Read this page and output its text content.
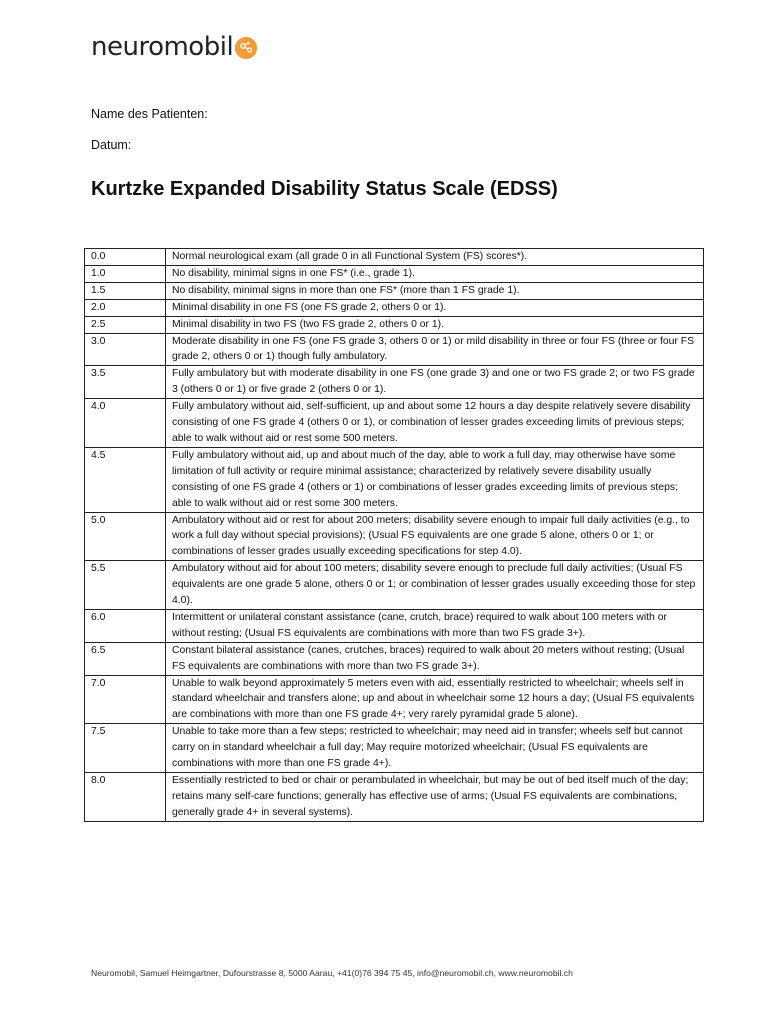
neuromobil
Name des Patienten:
Datum:
Kurtzke Expanded Disability Status Scale (EDSS)
0.0	Normal neurological exam (all grade 0 in all Functional System (FS) scores*).
1.0	No disability, minimal signs in one FS* (i.e., grade 1).
1.5	No disability, minimal signs in more than one FS* (more than 1 FS grade 1).
2.0	Minimal disability in one FS (one FS grade 2, others 0 or 1).
2.5	Minimal disability in two FS (two FS grade 2, others 0 or 1).
3.0	Moderate disability in one FS (one FS grade 3, others 0 or 1) or mild disability in three or four FS (three or four FS grade 2, others 0 or 1) though fully ambulatory.
3.5	Fully ambulatory but with moderate disability in one FS (one grade 3) and one or two FS grade 2; or two FS grade 3 (others 0 or 1) or five grade 2 (others 0 or 1).
4.0	Fully ambulatory without aid, self-sufficient, up and about some 12 hours a day despite relatively severe disability consisting of one FS grade 4 (others 0 or 1), or combination of lesser grades exceeding limits of previous steps; able to walk without aid or rest some 500 meters.
4.5	Fully ambulatory without aid, up and about much of the day, able to work a full day, may otherwise have some limitation of full activity or require minimal assistance; characterized by relatively severe disability usually consisting of one FS grade 4 (others or 1) or combinations of lesser grades exceeding limits of previous steps; able to walk without aid or rest some 300 meters.
5.0	Ambulatory without aid or rest for about 200 meters; disability severe enough to impair full daily activities (e.g., to work a full day without special provisions); (Usual FS equivalents are one grade 5 alone, others 0 or 1; or combinations of lesser grades usually exceeding specifications for step 4.0).
5.5	Ambulatory without aid for about 100 meters; disability severe enough to preclude full daily activities; (Usual FS equivalents are one grade 5 alone, others 0 or 1; or combination of lesser grades usually exceeding those for step 4.0).
6.0	Intermittent or unilateral constant assistance (cane, crutch, brace) required to walk about 100 meters with or without resting; (Usual FS equivalents are combinations with more than two FS grade 3+).
6.5	Constant bilateral assistance (canes, crutches, braces) required to walk about 20 meters without resting; (Usual FS equivalents are combinations with more than two FS grade 3+).
7.0	Unable to walk beyond approximately 5 meters even with aid, essentially restricted to wheelchair; wheels self in standard wheelchair and transfers alone; up and about in wheelchair some 12 hours a day; (Usual FS equivalents are combinations with more than one FS grade 4+; very rarely pyramidal grade 5 alone).
7.5	Unable to take more than a few steps; restricted to wheelchair; may need aid in transfer; wheels self but cannot carry on in standard wheelchair a full day; May require motorized wheelchair; (Usual FS equivalents are combinations with more than one FS grade 4+).
8.0	Essentially restricted to bed or chair or perambulated in wheelchair, but may be out of bed itself much of the day; retains many self-care functions; generally has effective use of arms; (Usual FS equivalents are combinations, generally grade 4+ in several systems).
Neuromobil, Samuel Heimgartner, Dufourstrasse 8, 5000 Aarau, +41(0)76 394 75 45, info@neuromobil.ch, www.neuromobil.ch
